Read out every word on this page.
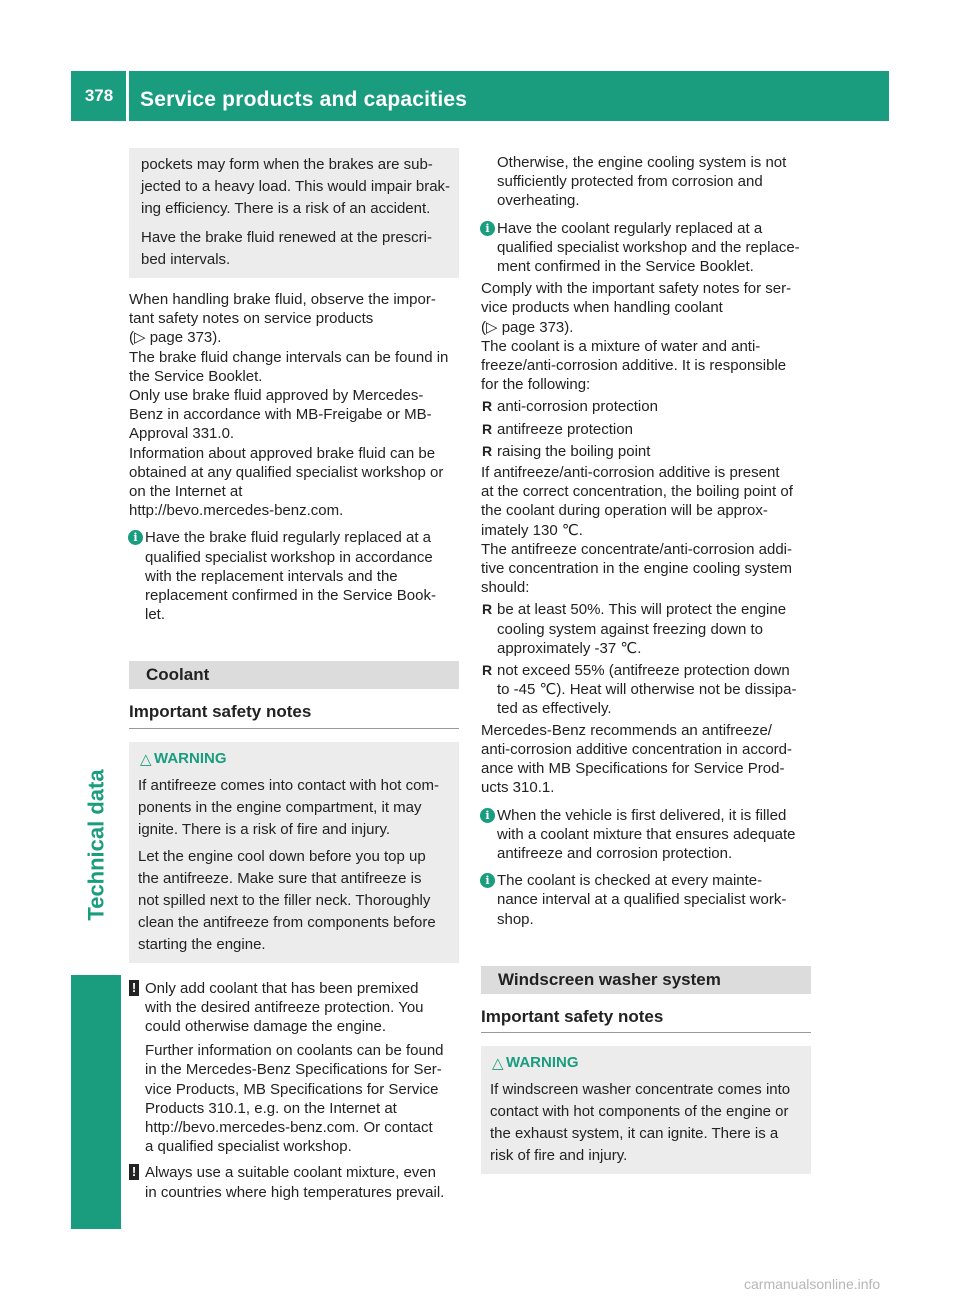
378	Service products and capacities
Technical data

pockets may form when the brakes are sub-
jected to a heavy load. This would impair brak-
ing efficiency. There is a risk of an accident.

Have the brake fluid renewed at the prescri-
bed intervals.

When handling brake fluid, observe the impor-
tant safety notes on service products
(▷ page 373).

The brake fluid change intervals can be found in
the Service Booklet.

Only use brake fluid approved by Mercedes-
Benz in accordance with MB-Freigabe or MB-
Approval 331.0.

Information about approved brake fluid can be
obtained at any qualified specialist workshop or
on the Internet at
http://bevo.mercedes-benz.com.

i Have the brake fluid regularly replaced at a
qualified specialist workshop in accordance
with the replacement intervals and the
replacement confirmed in the Service Book-
let.
Coolant
Important safety notes
△ WARNING

If antifreeze comes into contact with hot com-
ponents in the engine compartment, it may
ignite. There is a risk of fire and injury.

Let the engine cool down before you top up
the antifreeze. Make sure that antifreeze is
not spilled next to the filler neck. Thoroughly
clean the antifreeze from components before
starting the engine.

! Only add coolant that has been premixed
with the desired antifreeze protection. You
could otherwise damage the engine.
Further information on coolants can be found
in the Mercedes-Benz Specifications for Ser-
vice Products, MB Specifications for Service
Products 310.1, e.g. on the Internet at
http://bevo.mercedes-benz.com. Or contact
a qualified specialist workshop.
! Always use a suitable coolant mixture, even
in countries where high temperatures prevail.

Otherwise, the engine cooling system is not
sufficiently protected from corrosion and
overheating.

i Have the coolant regularly replaced at a
qualified specialist workshop and the replace-
ment confirmed in the Service Booklet.

Comply with the important safety notes for ser-
vice products when handling coolant
(▷ page 373).

The coolant is a mixture of water and anti-
freeze/anti-corrosion additive. It is responsible
for the following:

R anti-corrosion protection
R antifreeze protection
R raising the boiling point

If antifreeze/anti-corrosion additive is present
at the correct concentration, the boiling point of
the coolant during operation will be approx-
imately 130 ℃.

The antifreeze concentrate/anti-corrosion addi-
tive concentration in the engine cooling system
should:

R be at least 50%. This will protect the engine
cooling system against freezing down to
approximately -37 ℃.
R not exceed 55% (antifreeze protection down
to -45 ℃). Heat will otherwise not be dissipa-
ted as effectively.

Mercedes-Benz recommends an antifreeze/
anti-corrosion additive concentration in accord-
ance with MB Specifications for Service Prod-
ucts 310.1.

i When the vehicle is first delivered, it is filled
with a coolant mixture that ensures adequate
antifreeze and corrosion protection.
i The coolant is checked at every mainte-
nance interval at a qualified specialist work-
shop.
Windscreen washer system
Important safety notes
△ WARNING

If windscreen washer concentrate comes into
contact with hot components of the engine or
the exhaust system, it can ignite. There is a
risk of fire and injury.

carmanualsonline.info
